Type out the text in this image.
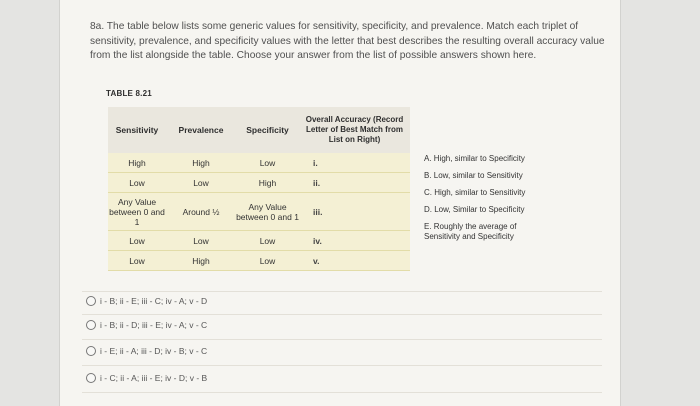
8a. The table below lists some generic values for sensitivity, specificity, and prevalence. Match each triplet of sensitivity, prevalence, and specificity values with the letter that best describes the resulting overall accuracy value from the list alongside the table. Choose your answer from the list of possible answers shown here.
TABLE 8.21
Sensitivity	Prevalence	Specificity	Overall Accuracy (Record Letter of Best Match from List on Right)
High	High	Low	i.
Low	Low	High	ii.
Any Value between 0 and 1	Around ½	Any Value between 0 and 1	iii.
Low	Low	Low	iv.
Low	High	Low	v.
A. High, similar to Specificity
B. Low, similar to Sensitivity
C. High, similar to Sensitivity
D. Low, Similar to Specificity
E. Roughly the average of Sensitivity and Specificity
i - B; ii - E; iii - C; iv - A; v - D
i - B; ii - D; iii - E; iv - A; v - C
i - E; ii - A; iii - D; iv - B; v - C
i - C; ii - A; iii - E; iv - D; v - B
